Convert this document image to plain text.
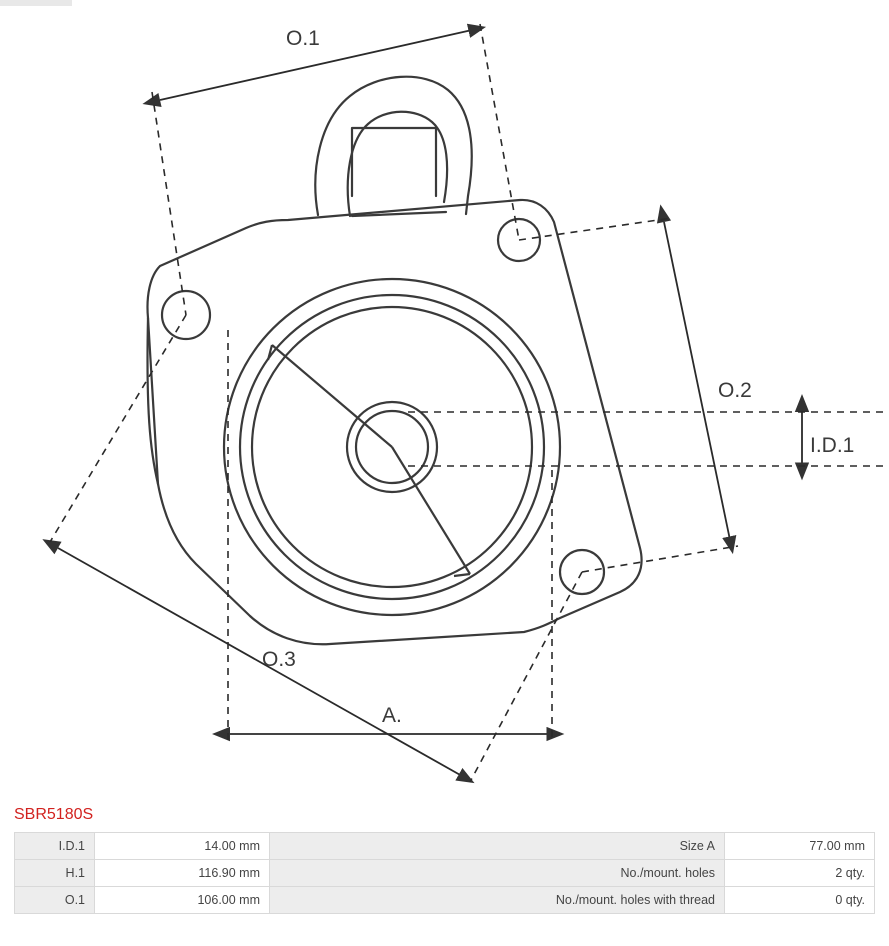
O.1
O.2
O.3
I.D.1
A.
SBR5180S
I.D.1	14.00 mm	Size A	77.00 mm
H.1	116.90 mm	No./mount. holes	2 qty.
O.1	106.00 mm	No./mount. holes with thread	0 qty.
